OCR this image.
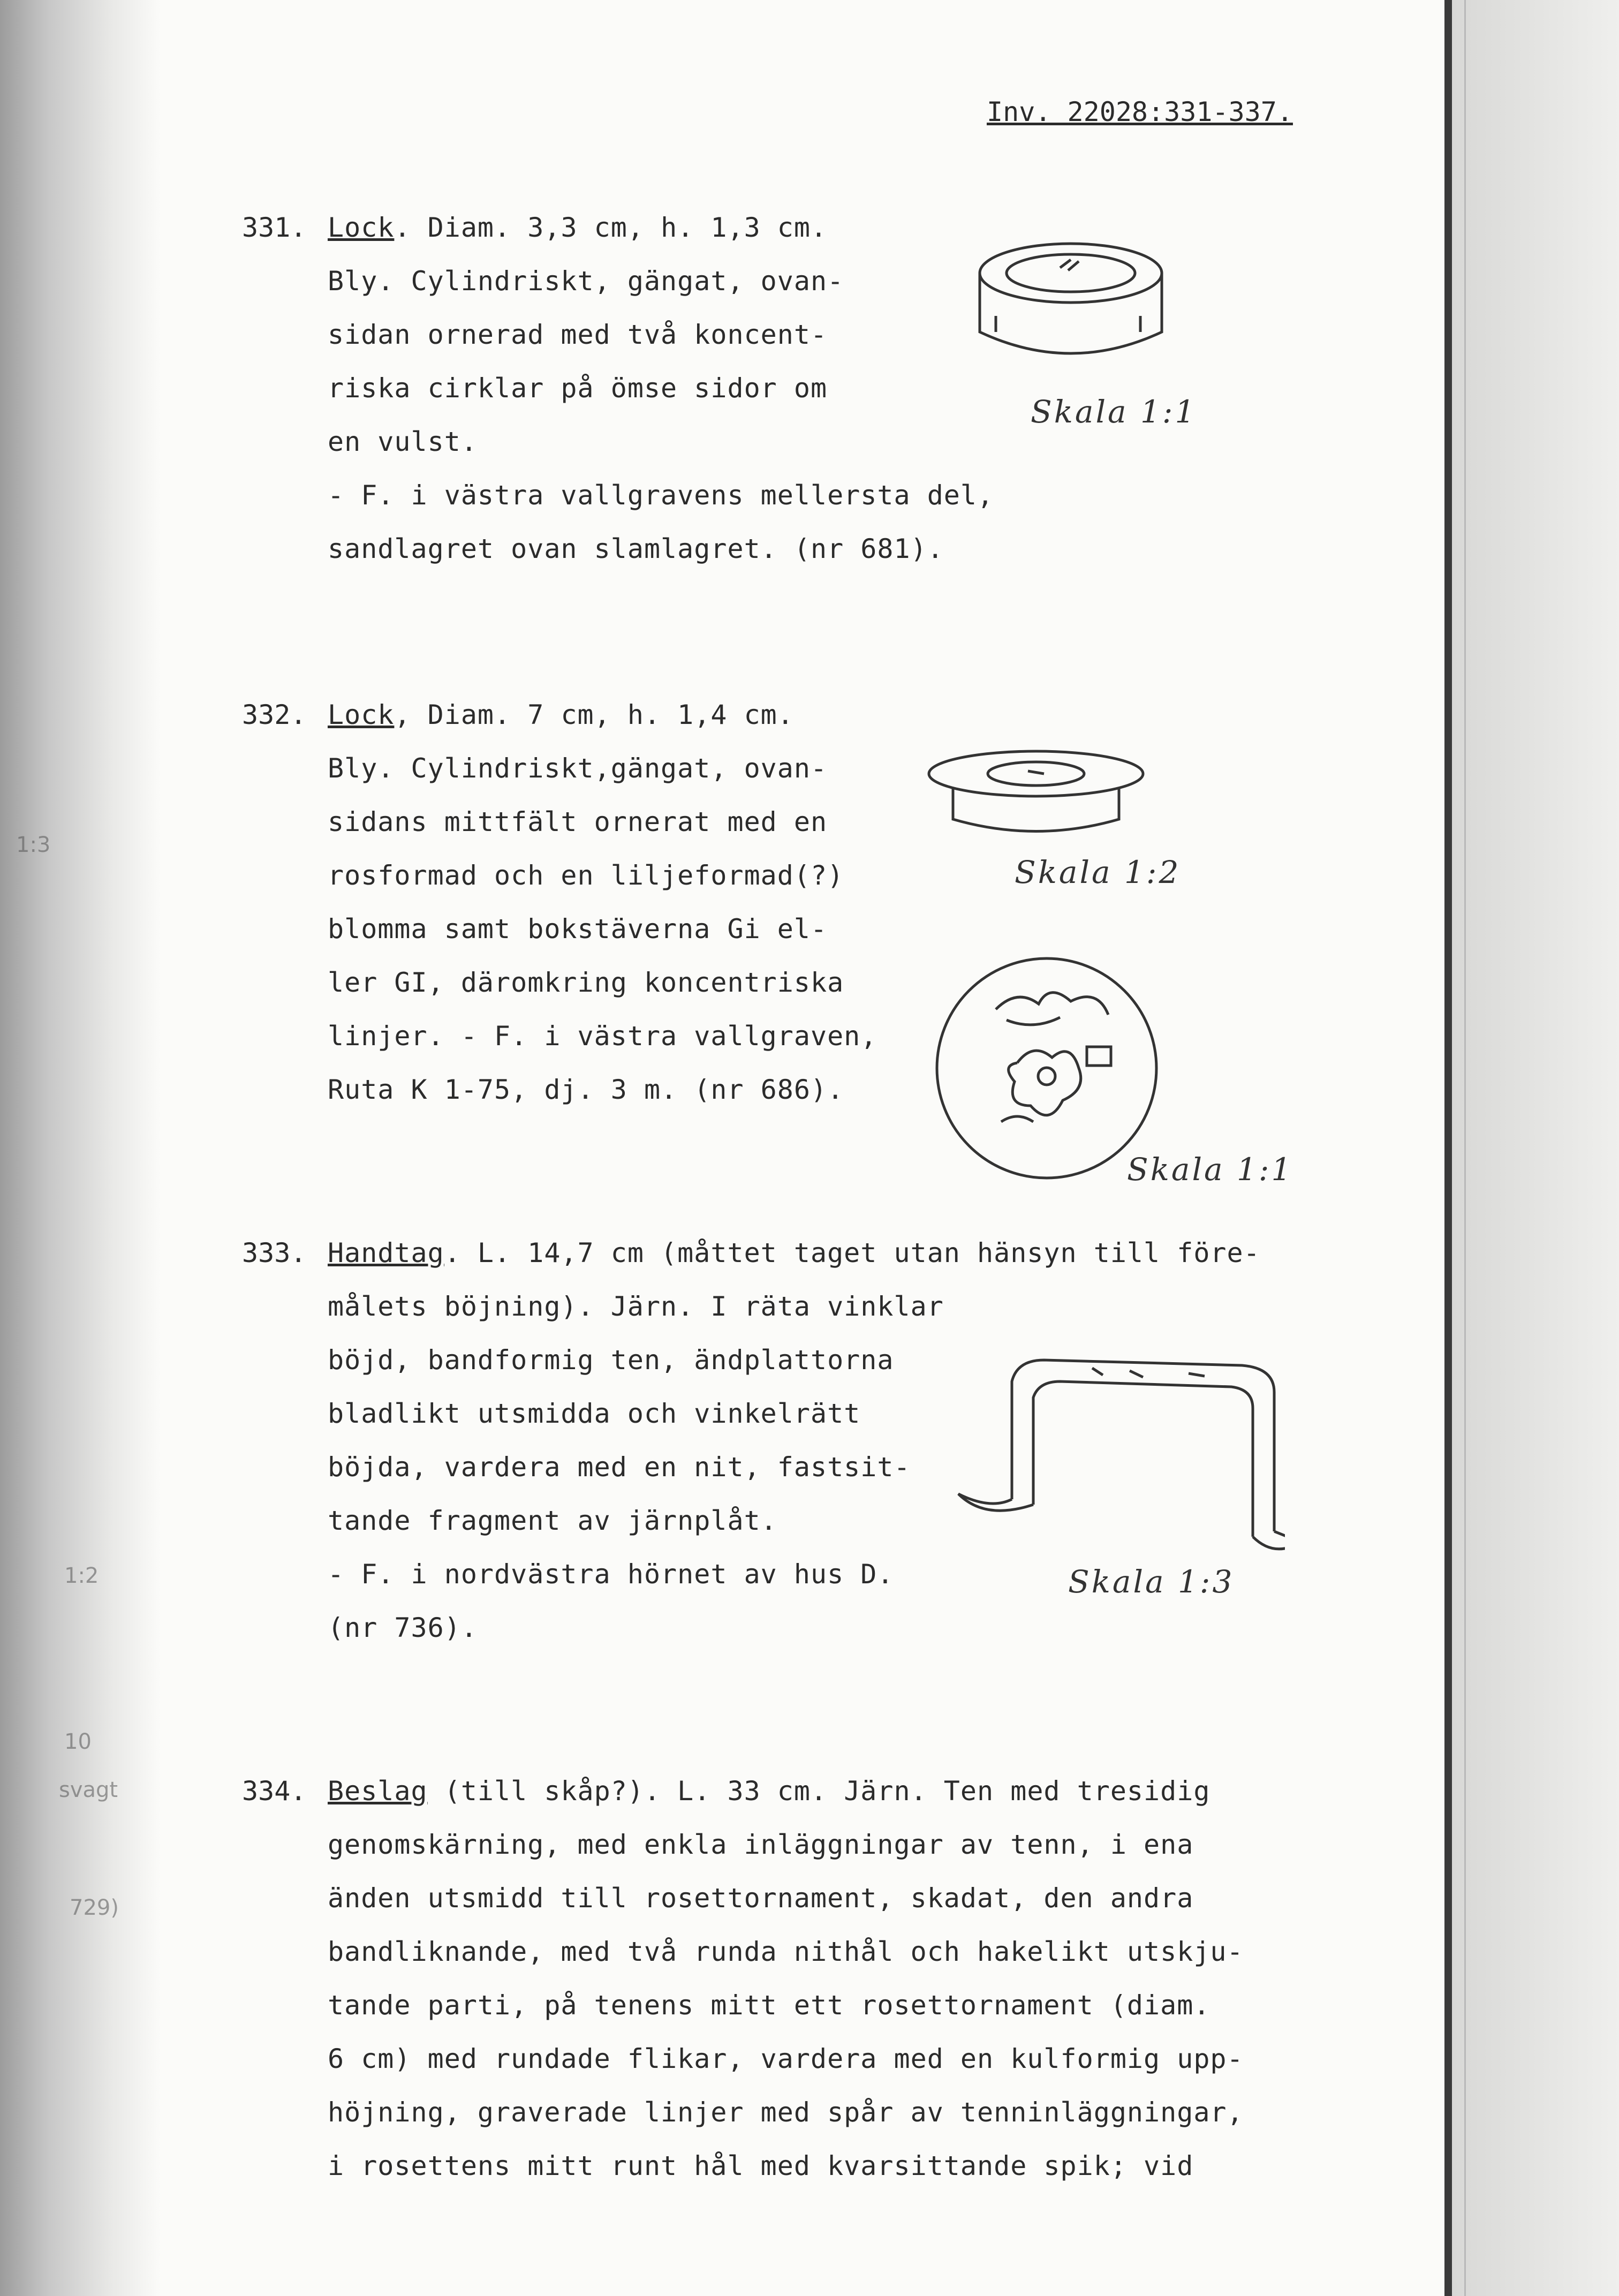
1:3
1:2
10
svagt
729)
Inv. 22028:331-337.
331. Lock. Diam. 3,3 cm, h. 1,3 cm.
Bly. Cylindriskt, gängat, ovan-
sidan ornerad med två koncent-
riska cirklar på ömse sidor om
en vulst.
- F. i västra vallgravens mellersta del,
sandlagret ovan slamlagret. (nr 681).
Skala 1:1
332. Lock, Diam. 7 cm, h. 1,4 cm.
Bly. Cylindriskt,gängat, ovan-
sidans mittfält ornerat med en
rosformad och en liljeformad(?)
blomma samt bokstäverna Gi el-
ler GI, däromkring koncentriska
linjer. - F. i västra vallgraven,
Ruta K 1-75, dj. 3 m. (nr 686).
Skala 1:2
Skala 1:1
333. Handtag. L. 14,7 cm (måttet taget utan hänsyn till före-
målets böjning). Järn. I räta vinklar
böjd, bandformig ten, ändplattorna
bladlikt utsmidda och vinkelrätt
böjda, vardera med en nit, fastsit-
tande fragment av järnplåt.
- F. i nordvästra hörnet av hus D.
(nr 736).
Skala 1:3
334. Beslag (till skåp?). L. 33 cm. Järn. Ten med tresidig
genomskärning, med enkla inläggningar av tenn, i ena
änden utsmidd till rosettornament, skadat, den andra
bandliknande, med två runda nithål och hakelikt utskju-
tande parti, på tenens mitt ett rosettornament (diam.
6 cm) med rundade flikar, vardera med en kulformig upp-
höjning, graverade linjer med spår av tenninläggningar,
i rosettens mitt runt hål med kvarsittande spik; vid
